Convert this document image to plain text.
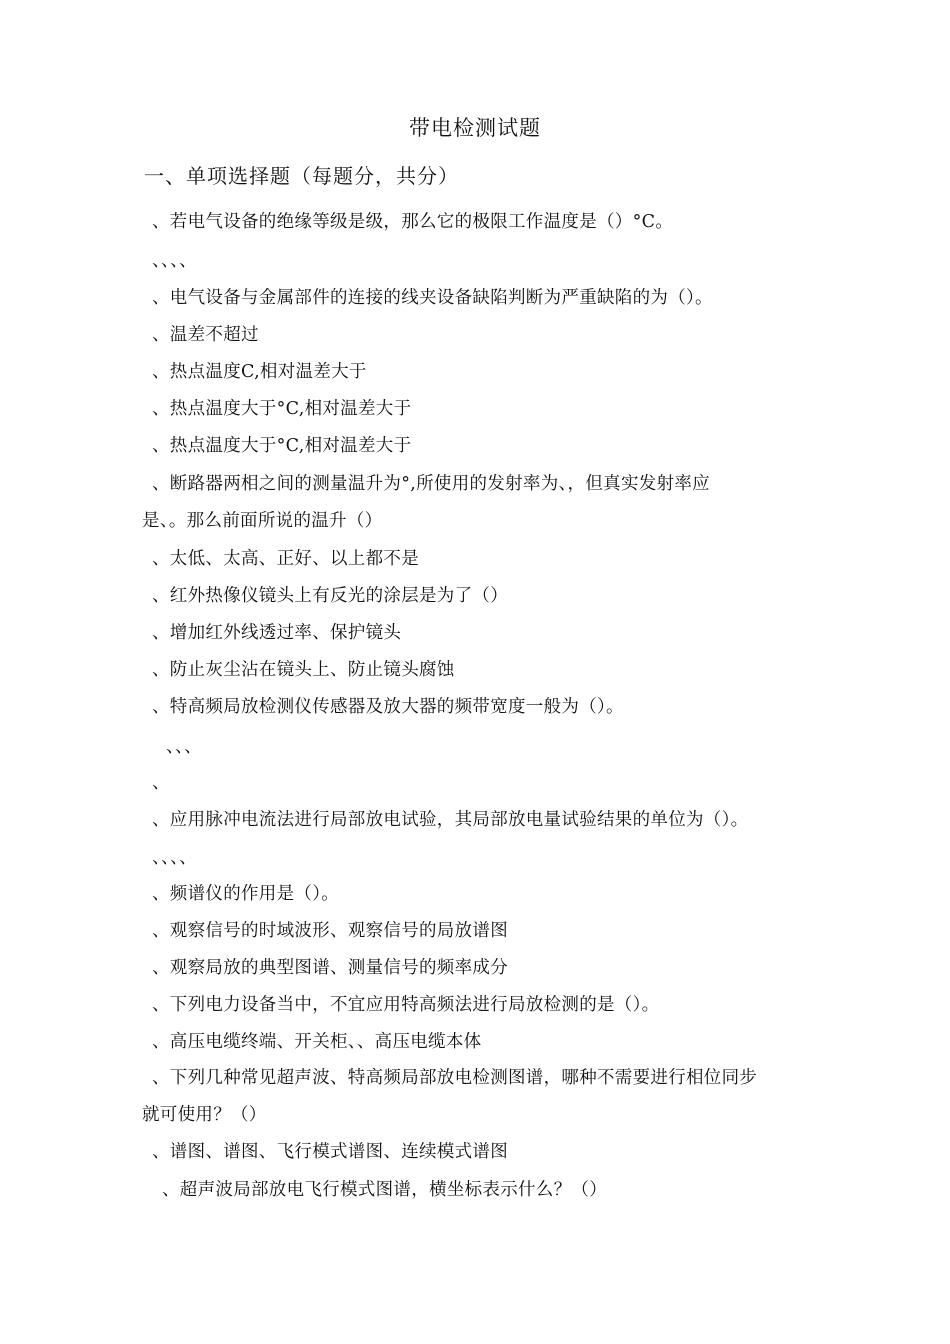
带电检测试题
一、单项选择题（每题分，共分）
、若电气设备的绝缘等级是级，那么它的极限工作温度是（）°C。
、、、、
、电气设备与金属部件的连接的线夹设备缺陷判断为严重缺陷的为（）。
、温差不超过
、热点温度C,相对温差大于
、热点温度大于°C,相对温差大于
、热点温度大于°C,相对温差大于
、断路器两相之间的测量温升为°,所使用的发射率为、，但真实发射率应
是、。那么前面所说的温升（）
、太低、太高、正好、以上都不是
、红外热像仪镜头上有反光的涂层是为了（）
、增加红外线透过率、保护镜头
、防止灰尘沾在镜头上、防止镜头腐蚀
、特高频局放检测仪传感器及放大器的频带宽度一般为（）。
、、、
、
、应用脉冲电流法进行局部放电试验，其局部放电量试验结果的单位为（）。
、、、、
、频谱仪的作用是（）。
、观察信号的时域波形、观察信号的局放谱图
、观察局放的典型图谱、测量信号的频率成分
、下列电力设备当中，不宜应用特高频法进行局放检测的是（）。
、高压电缆终端、开关柜、、高压电缆本体
、下列几种常见超声波、特高频局部放电检测图谱，哪种不需要进行相位同步
就可使用？（）
、谱图、谱图、飞行模式谱图、连续模式谱图
、超声波局部放电飞行模式图谱，横坐标表示什么？（）
